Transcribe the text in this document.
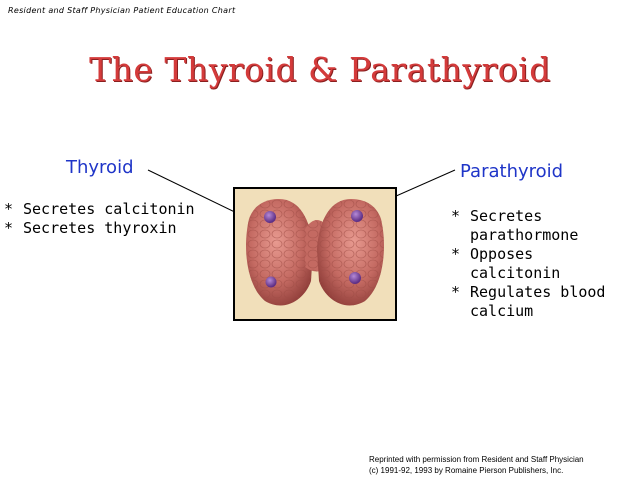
Resident and Staff Physician Patient Education Chart
The Thyroid & Parathyroid
Thyroid	Parathyroid
* Secretes calcitonin
* Secretes thyroxin
* Secretes
parathormone
* Opposes
calcitonin
* Regulates blood
calcium
Reprinted with permission from Resident and Staff Physician
(c) 1991-92, 1993 by Romaine Pierson Publishers, Inc.
